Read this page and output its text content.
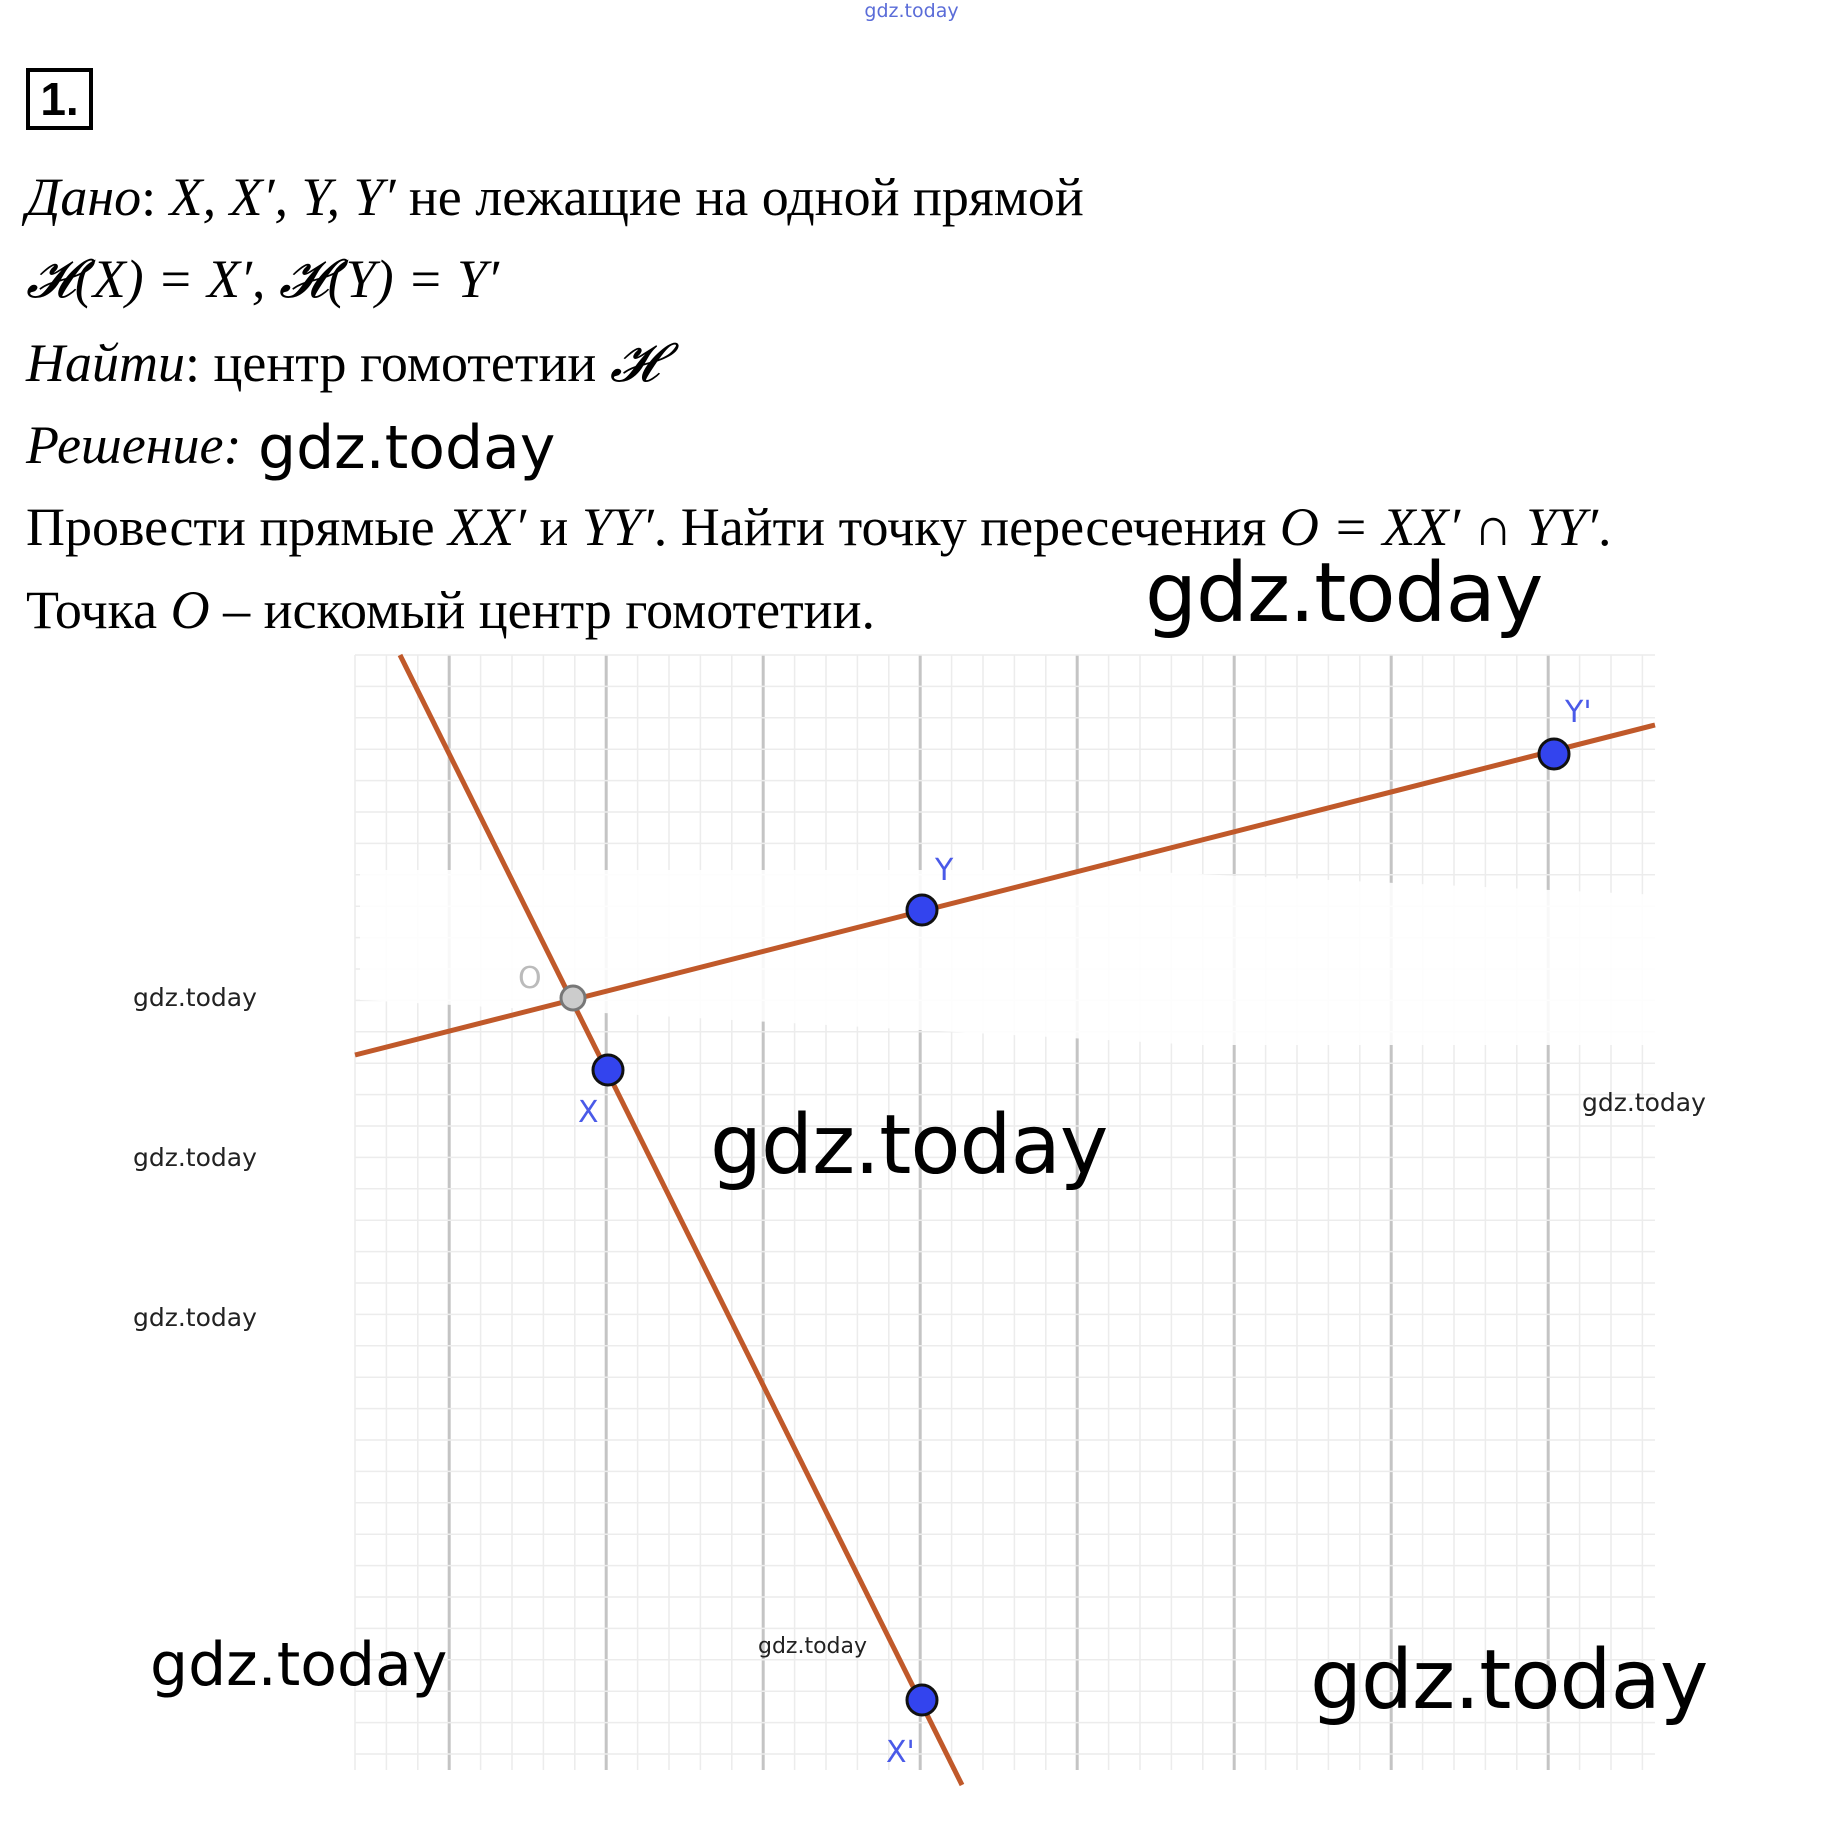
gdz.today
1.
Дано: X, X′, Y, Y′ не лежащие на одной прямой
𝓗(X) = X′, 𝓗(Y) = Y′
Найти: центр гомотетии 𝓗
Решение:
Провести прямые XX′ и YY′. Найти точку пересечения O = XX′ ∩ YY′.
Точка O – искомый центр гомотетии.
O
X
Y
Y'
X'
gdz.today
gdz.today
gdz.today
gdz.today
gdz.today
gdz.today
gdz.today
gdz.today	gdz.today	gdz.today
